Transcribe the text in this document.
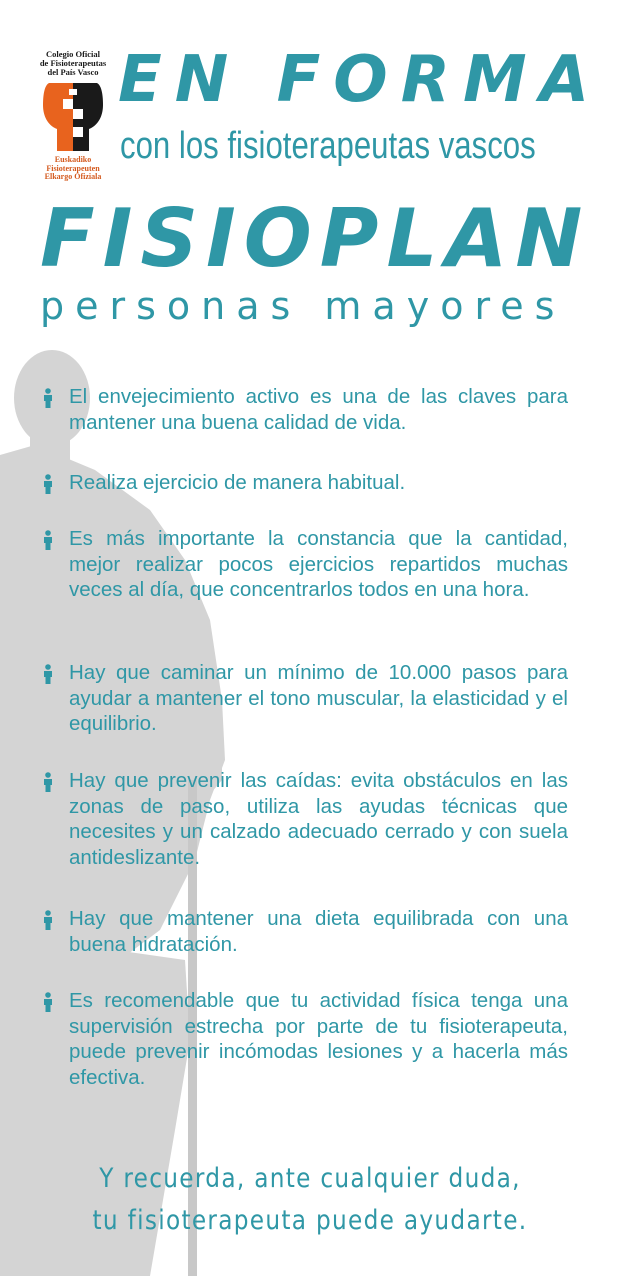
Colegio Oficial
de Fisioterapeutas
del País Vasco
Euskadiko
Fisioterapeuten
Elkargo Ofiziala
EN FORMA
con los fisioterapeutas vascos
FISIOPLAN
personas mayores
El envejecimiento activo es una de las claves para mantener una buena calidad de vida.
Realiza ejercicio de manera habitual.
Es más importante la constancia que la cantidad, mejor realizar pocos ejercicios repartidos muchas veces al día, que concentrarlos todos en una hora.
Hay que caminar un mínimo de 10.000 pasos para ayudar a mantener el tono muscular, la elasticidad y el equilibrio.
Hay que prevenir las caídas: evita obstáculos en las zonas de paso, utiliza las ayudas técnicas que necesites y un calzado adecuado cerrado y con suela antideslizante.
Hay que mantener una dieta equilibrada con una buena hidratación.
Es recomendable que tu actividad física tenga una supervisión estrecha por parte de tu fisioterapeuta, puede prevenir incómodas lesiones y a hacerla más efectiva.
Y recuerda, ante cualquier duda,
tu fisioterapeuta puede ayudarte.
